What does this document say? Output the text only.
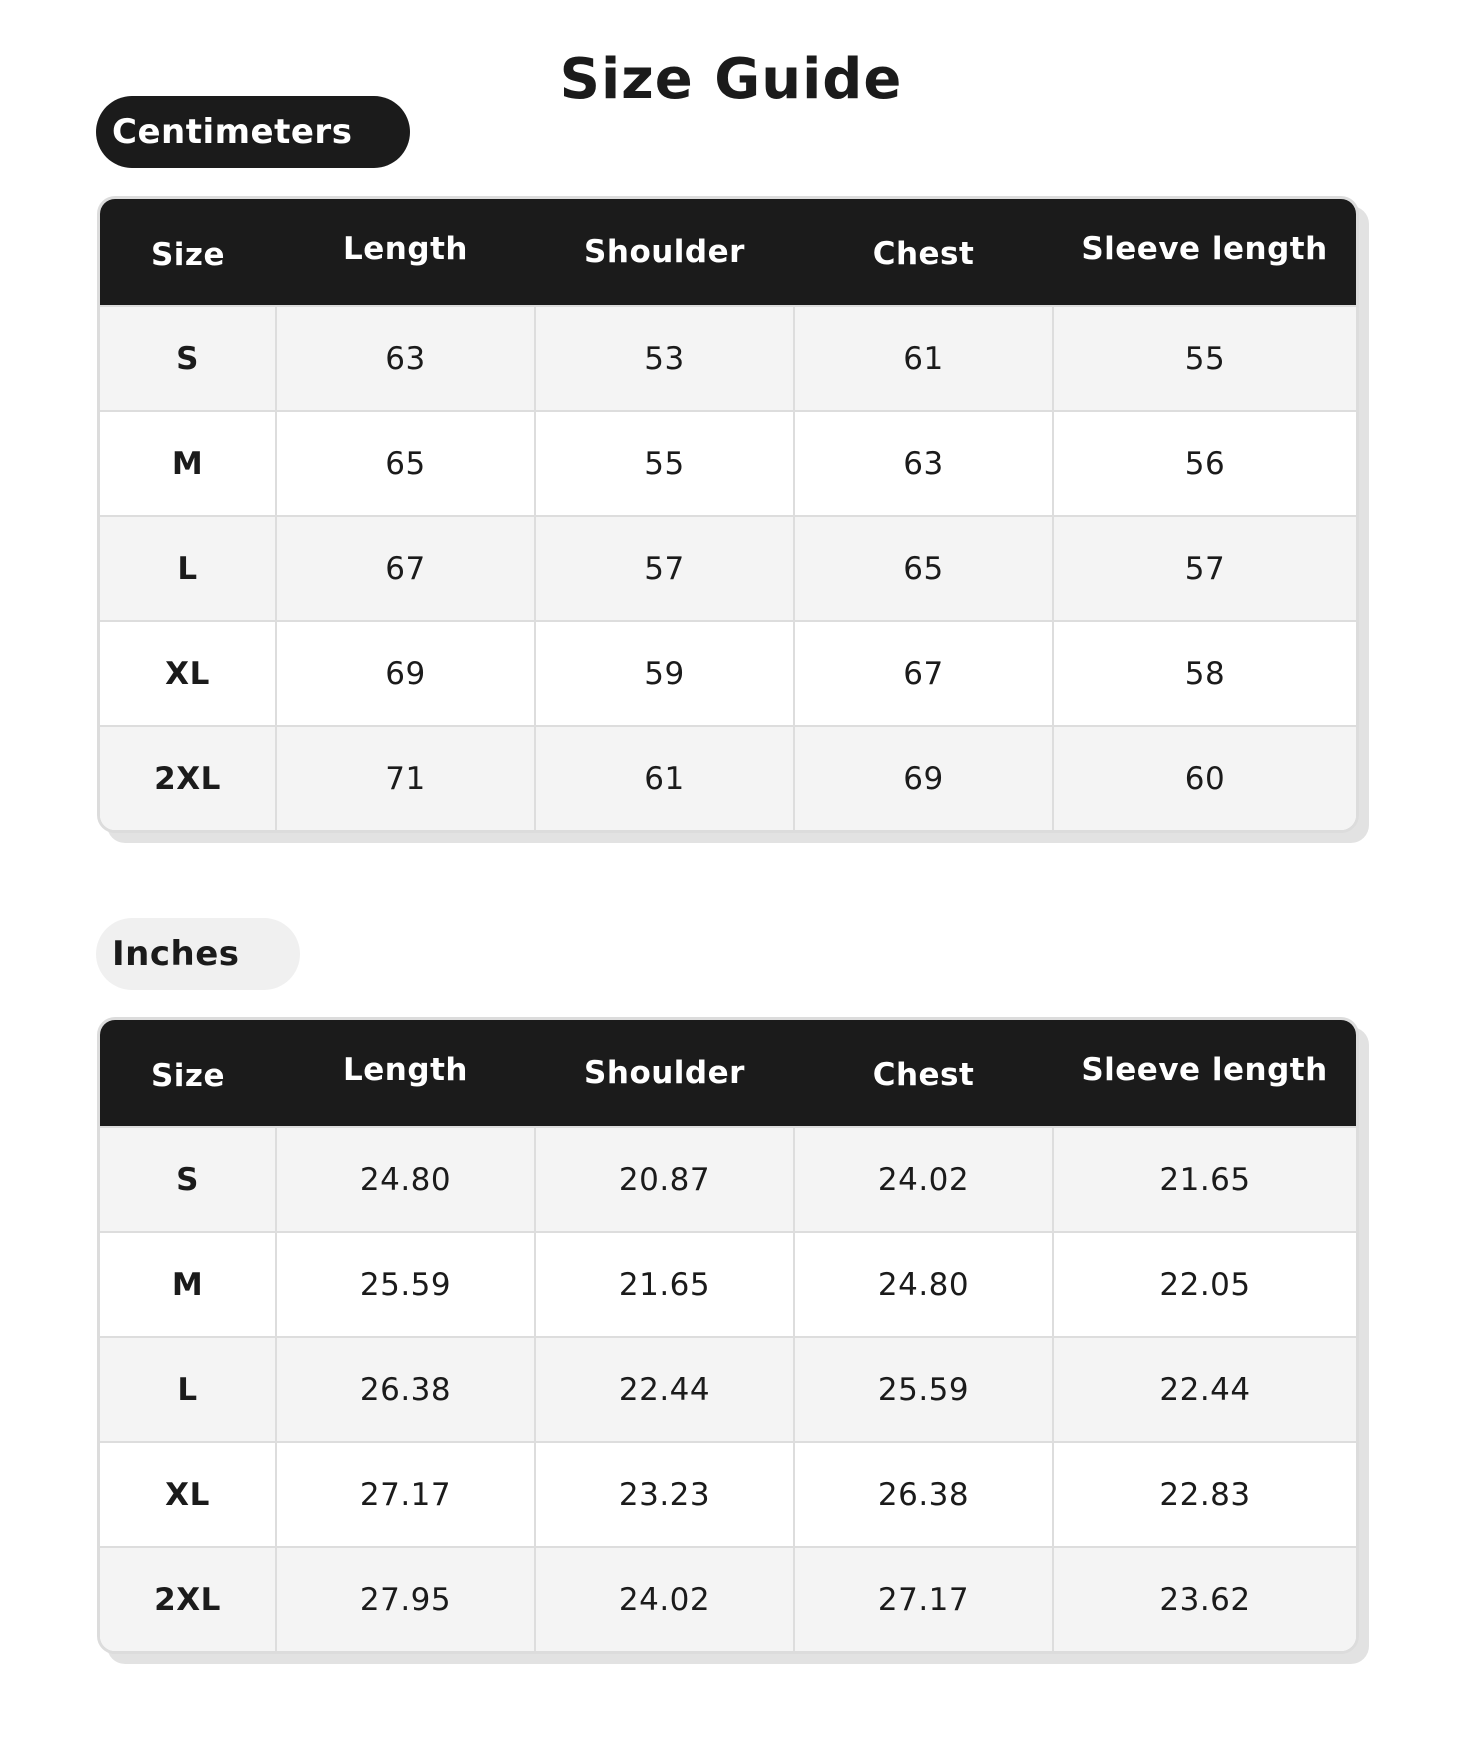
Size Guide
Centimeters
Size	Length	Shoulder	Chest	Sleeve length
S	63	53	61	55
M	65	55	63	56
L	67	57	65	57
XL	69	59	67	58
2XL	71	61	69	60
Inches
Size	Length	Shoulder	Chest	Sleeve length
S	24.80	20.87	24.02	21.65
M	25.59	21.65	24.80	22.05
L	26.38	22.44	25.59	22.44
XL	27.17	23.23	26.38	22.83
2XL	27.95	24.02	27.17	23.62
